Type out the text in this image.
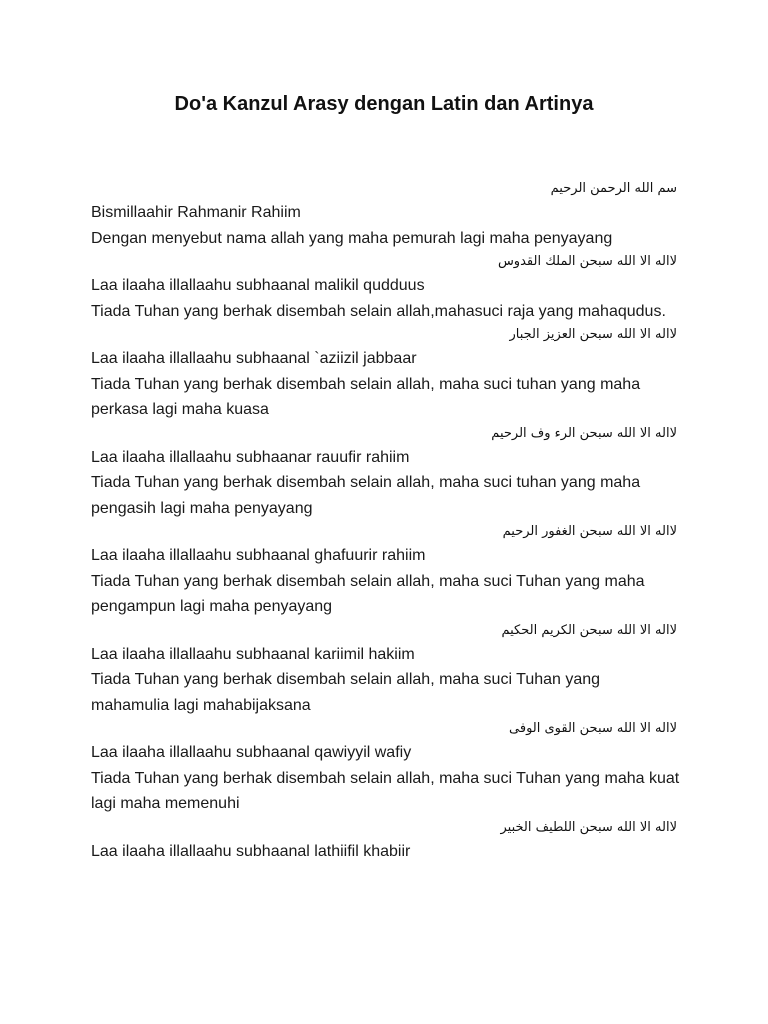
Do'a Kanzul Arasy dengan Latin dan Artinya
سم الله الرحمن الرحيم
Bismillaahir Rahmanir Rahiim
Dengan menyebut nama allah yang maha pemurah lagi maha penyayang
لااله الا الله سبحن الملك القدوس
Laa ilaaha illallaahu subhaanal malikil qudduus
Tiada Tuhan yang berhak disembah selain allah,mahasuci raja yang mahaqudus.
لااله الا الله سبحن العزيز الجبار
Laa ilaaha illallaahu subhaanal `aziizil jabbaar
Tiada Tuhan yang berhak disembah selain allah, maha suci tuhan yang maha perkasa lagi maha kuasa
لااله الا الله سبحن الرء وف الرحيم
Laa ilaaha illallaahu subhaanar rauufir rahiim
Tiada Tuhan yang berhak disembah selain allah, maha suci tuhan yang maha pengasih lagi maha penyayang
لااله الا الله سبحن الغفور الرحيم
Laa ilaaha illallaahu subhaanal ghafuurir rahiim
Tiada Tuhan yang berhak disembah selain allah, maha suci Tuhan yang maha pengampun lagi maha penyayang
لااله الا الله سبحن الكريم الحكيم
Laa ilaaha illallaahu subhaanal kariimil hakiim
Tiada Tuhan yang berhak disembah selain allah, maha suci Tuhan yang mahamulia lagi mahabijaksana
لااله الا الله سبحن القوى الوفى
Laa ilaaha illallaahu subhaanal qawiyyil wafiy
Tiada Tuhan yang berhak disembah selain allah, maha suci Tuhan yang maha kuat lagi maha memenuhi
لااله الا الله سبحن اللطيف الخبير
Laa ilaaha illallaahu subhaanal lathiifil khabiir
